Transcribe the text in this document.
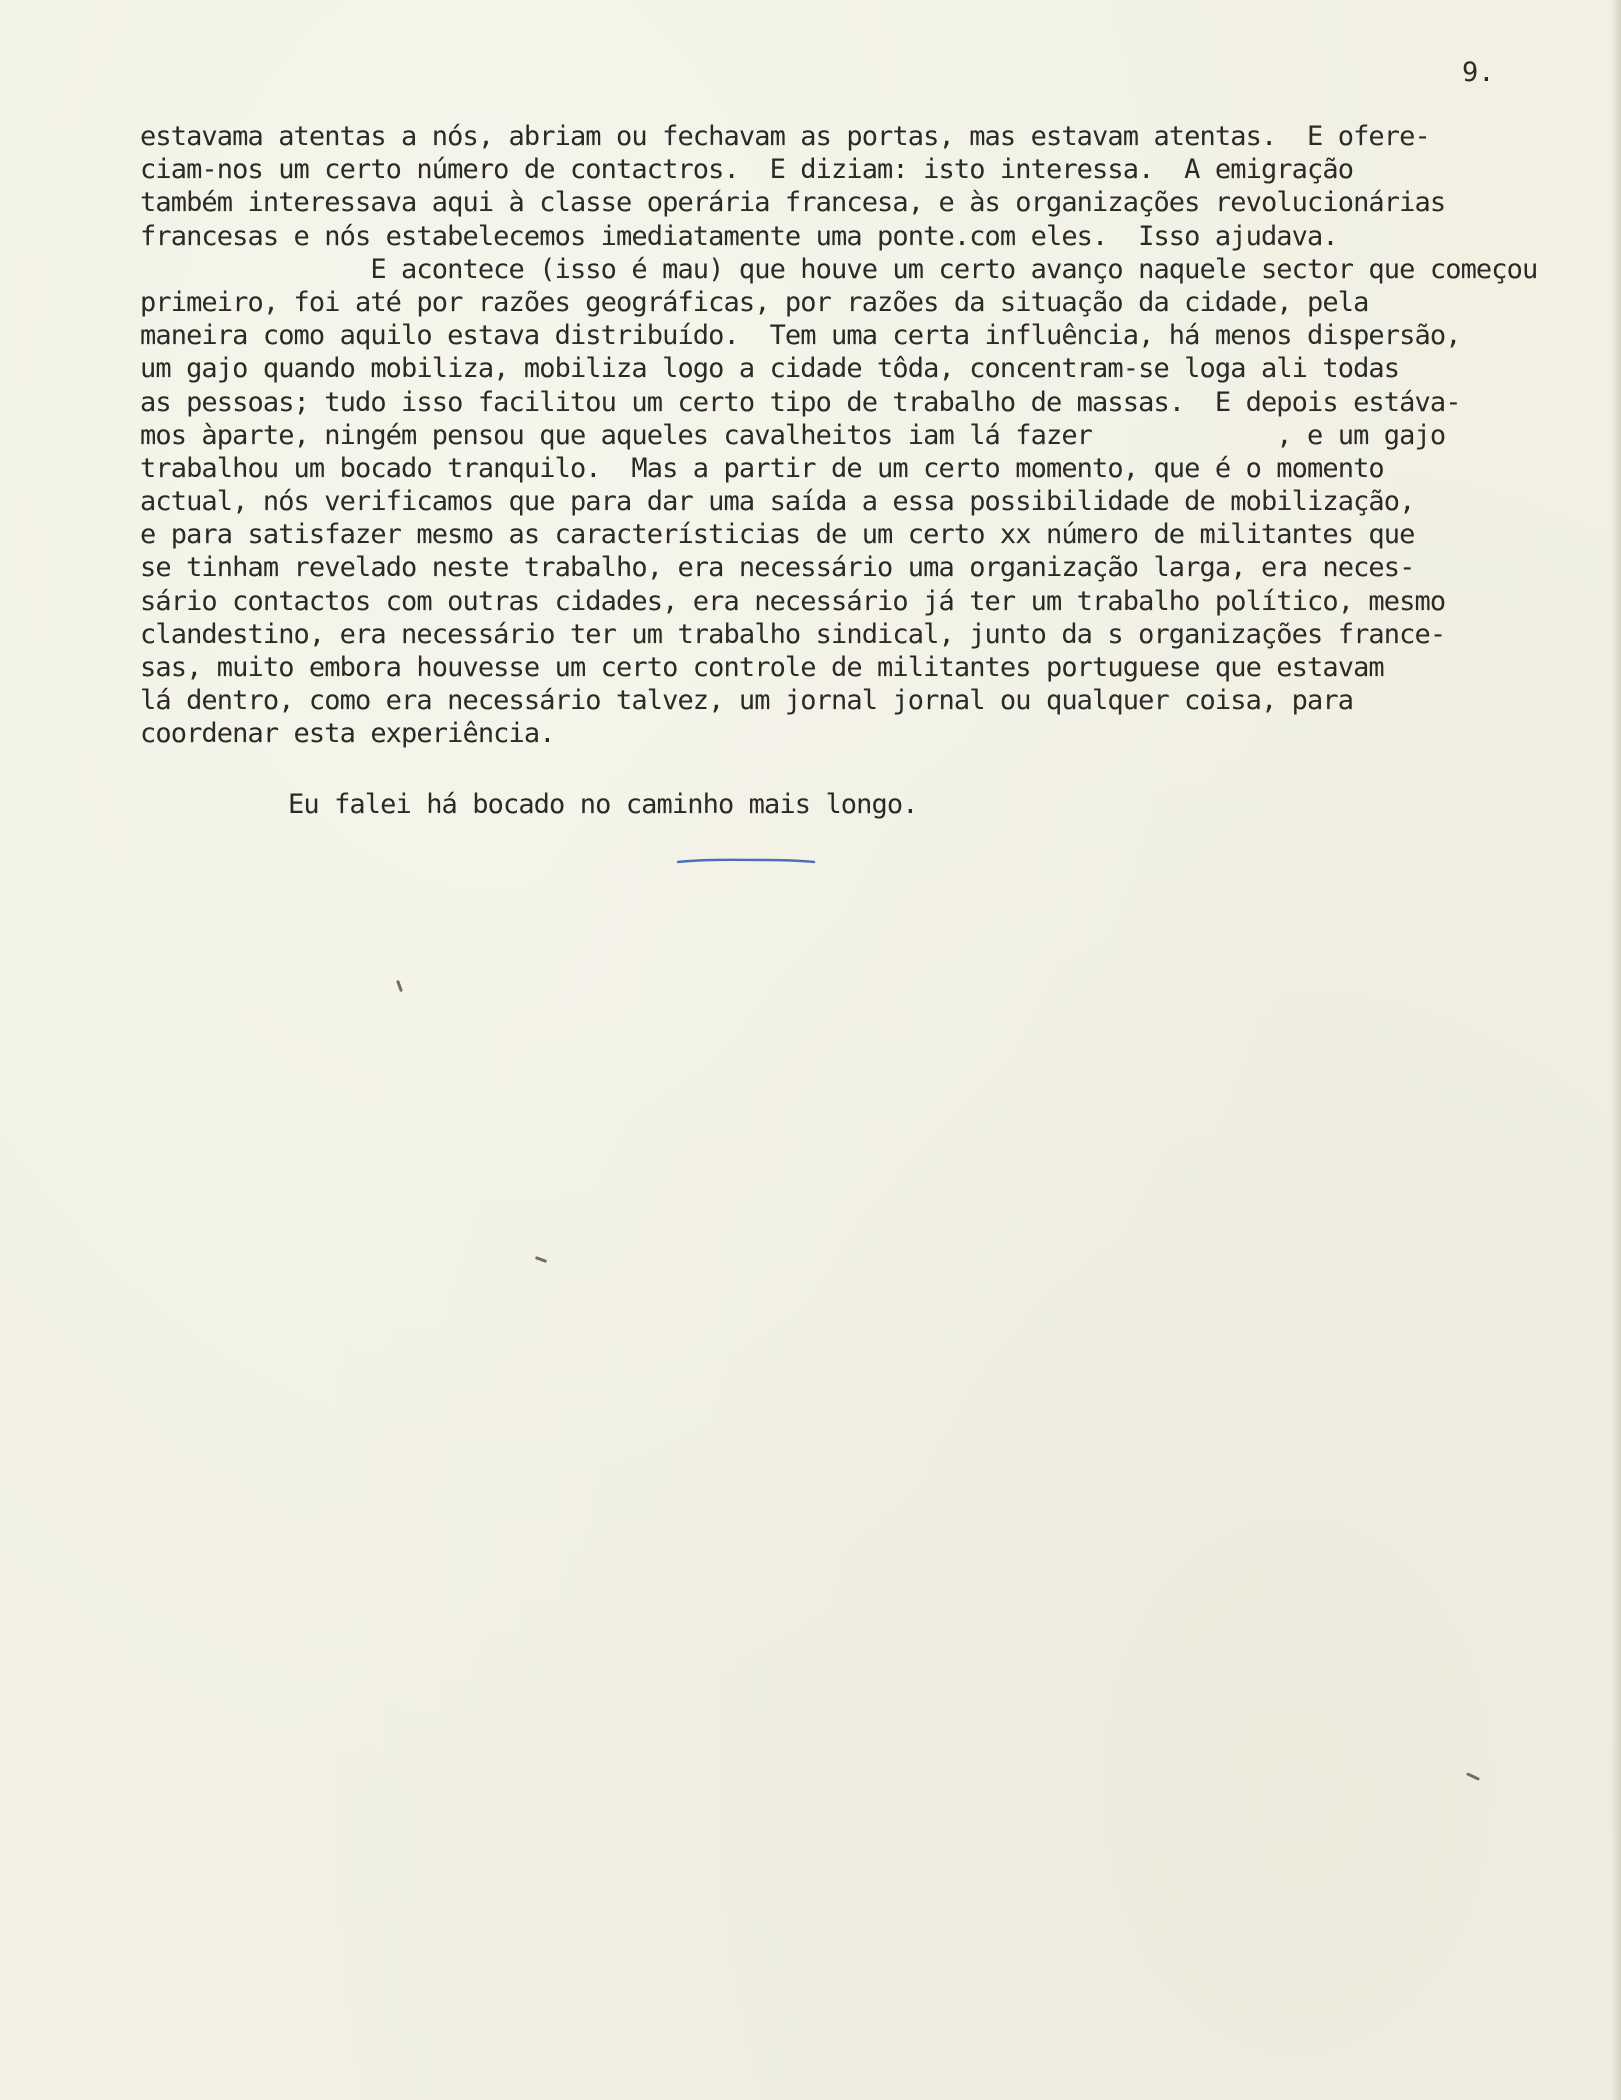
9.
estavama atentas a nós, abriam ou fechavam as portas, mas estavam atentas.  E ofere-
ciam-nos um certo número de contactros.  E diziam: isto interessa.  A emigração
também interessava aqui à classe operária francesa, e às organizações revolucionárias
francesas e nós estabelecemos imediatamente uma ponte.com eles.  Isso ajudava.
E acontece (isso é mau) que houve um certo avanço naquele sector que começou
primeiro, foi até por razões geográficas, por razões da situação da cidade, pela
maneira como aquilo estava distribuído.  Tem uma certa influência, há menos dispersão,
um gajo quando mobiliza, mobiliza logo a cidade tôda, concentram-se loga ali todas
as pessoas; tudo isso facilitou um certo tipo de trabalho de massas.  E depois estáva-
mos àparte, ningém pensou que aqueles cavalheitos iam lá fazer            , e um gajo
trabalhou um bocado tranquilo.  Mas a partir de um certo momento, que é o momento
actual, nós verificamos que para dar uma saída a essa possibilidade de mobilização,
e para satisfazer mesmo as característicias de um certo xx número de militantes que
se tinham revelado neste trabalho, era necessário uma organização larga, era neces-
sário contactos com outras cidades, era necessário já ter um trabalho político, mesmo
clandestino, era necessário ter um trabalho sindical, junto da s organizações france-
sas, muito embora houvesse um certo controle de militantes portuguese que estavam
lá dentro, como era necessário talvez, um jornal jornal ou qualquer coisa, para
coordenar esta experiência.
Eu falei há bocado no caminho mais longo.
